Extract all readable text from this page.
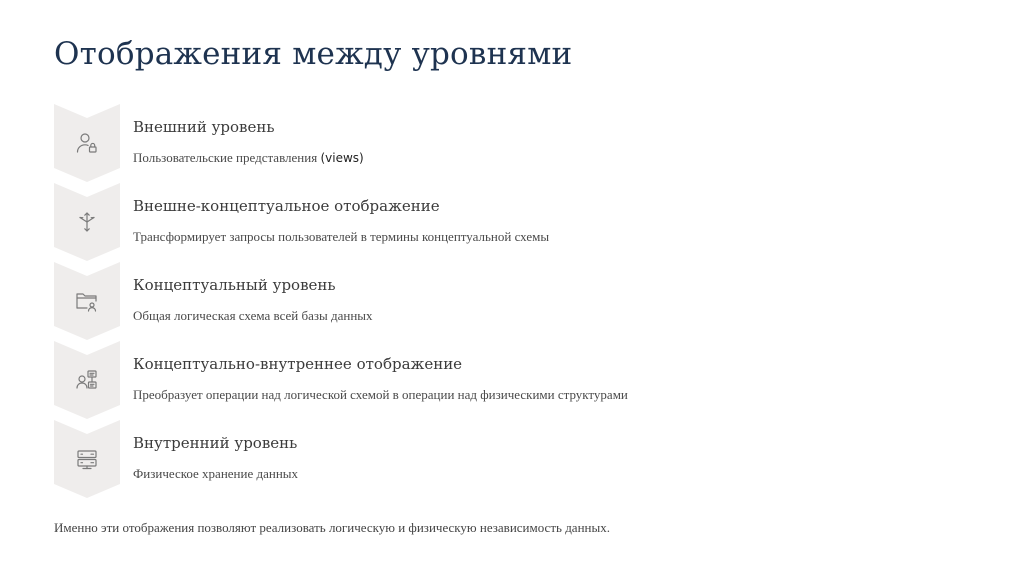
Отображения между уровнями

Внешний уровень

Пользовательские представления (views)

Внешне-концептуальное отображение

Трансформирует запросы пользователей в термины концептуальной схемы

Концептуальный уровень

Общая логическая схема всей базы данных

Концептуально-внутреннее отображение

Преобразует операции над логической схемой в операции над физическими структурами

Внутренний уровень

Физическое хранение данных

Именно эти отображения позволяют реализовать логическую и физическую независимость данных.
